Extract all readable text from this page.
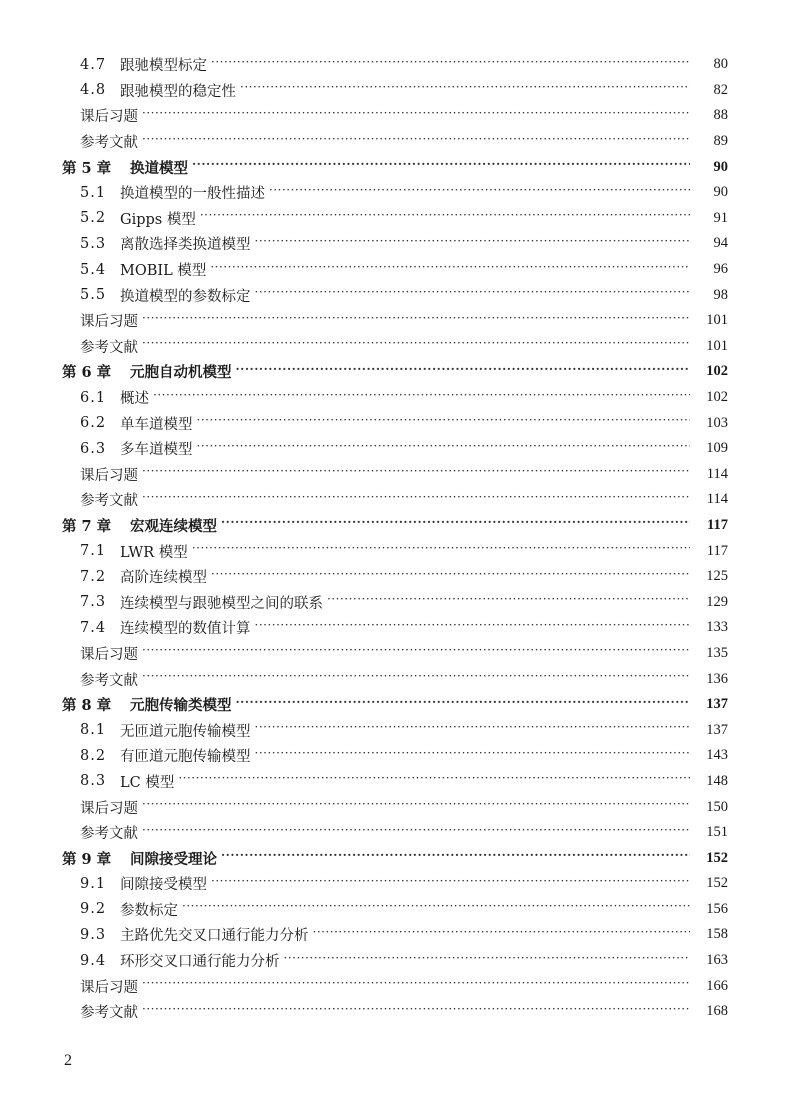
4.7 跟驰模型标定 ·····	80
4.8 跟驰模型的稳定性 ·····	82
课后习题 ·····	88
参考文献 ·····	89
第 5 章	换道模型 ·····	90
5.1 换道模型的一般性描述 ·····	90
5.2 Gipps 模型 ·····	91
5.3 离散选择类换道模型 ·····	94
5.4 MOBIL 模型 ·····	96
5.5 换道模型的参数标定 ·····	98
课后习题 ·····	101
参考文献 ·····	101
第 6 章	元胞自动机模型 ·····	102
6.1 概述 ·····	102
6.2 单车道模型 ·····	103
6.3 多车道模型 ·····	109
课后习题 ·····	114
参考文献 ·····	114
第 7 章	宏观连续模型 ·····	117
7.1 LWR 模型 ·····	117
7.2 高阶连续模型 ·····	125
7.3 连续模型与跟驰模型之间的联系 ·····	129
7.4 连续模型的数值计算 ·····	133
课后习题 ·····	135
参考文献 ·····	136
第 8 章	元胞传输类模型 ·····	137
8.1 无匝道元胞传输模型 ·····	137
8.2 有匝道元胞传输模型 ·····	143
8.3 LC 模型 ·····	148
课后习题 ·····	150
参考文献 ·····	151
第 9 章	间隙接受理论 ·····	152
9.1 间隙接受模型 ·····	152
9.2 参数标定 ·····	156
9.3 主路优先交叉口通行能力分析 ·····	158
9.4 环形交叉口通行能力分析 ·····	163
课后习题 ·····	166
参考文献 ·····	168
2
